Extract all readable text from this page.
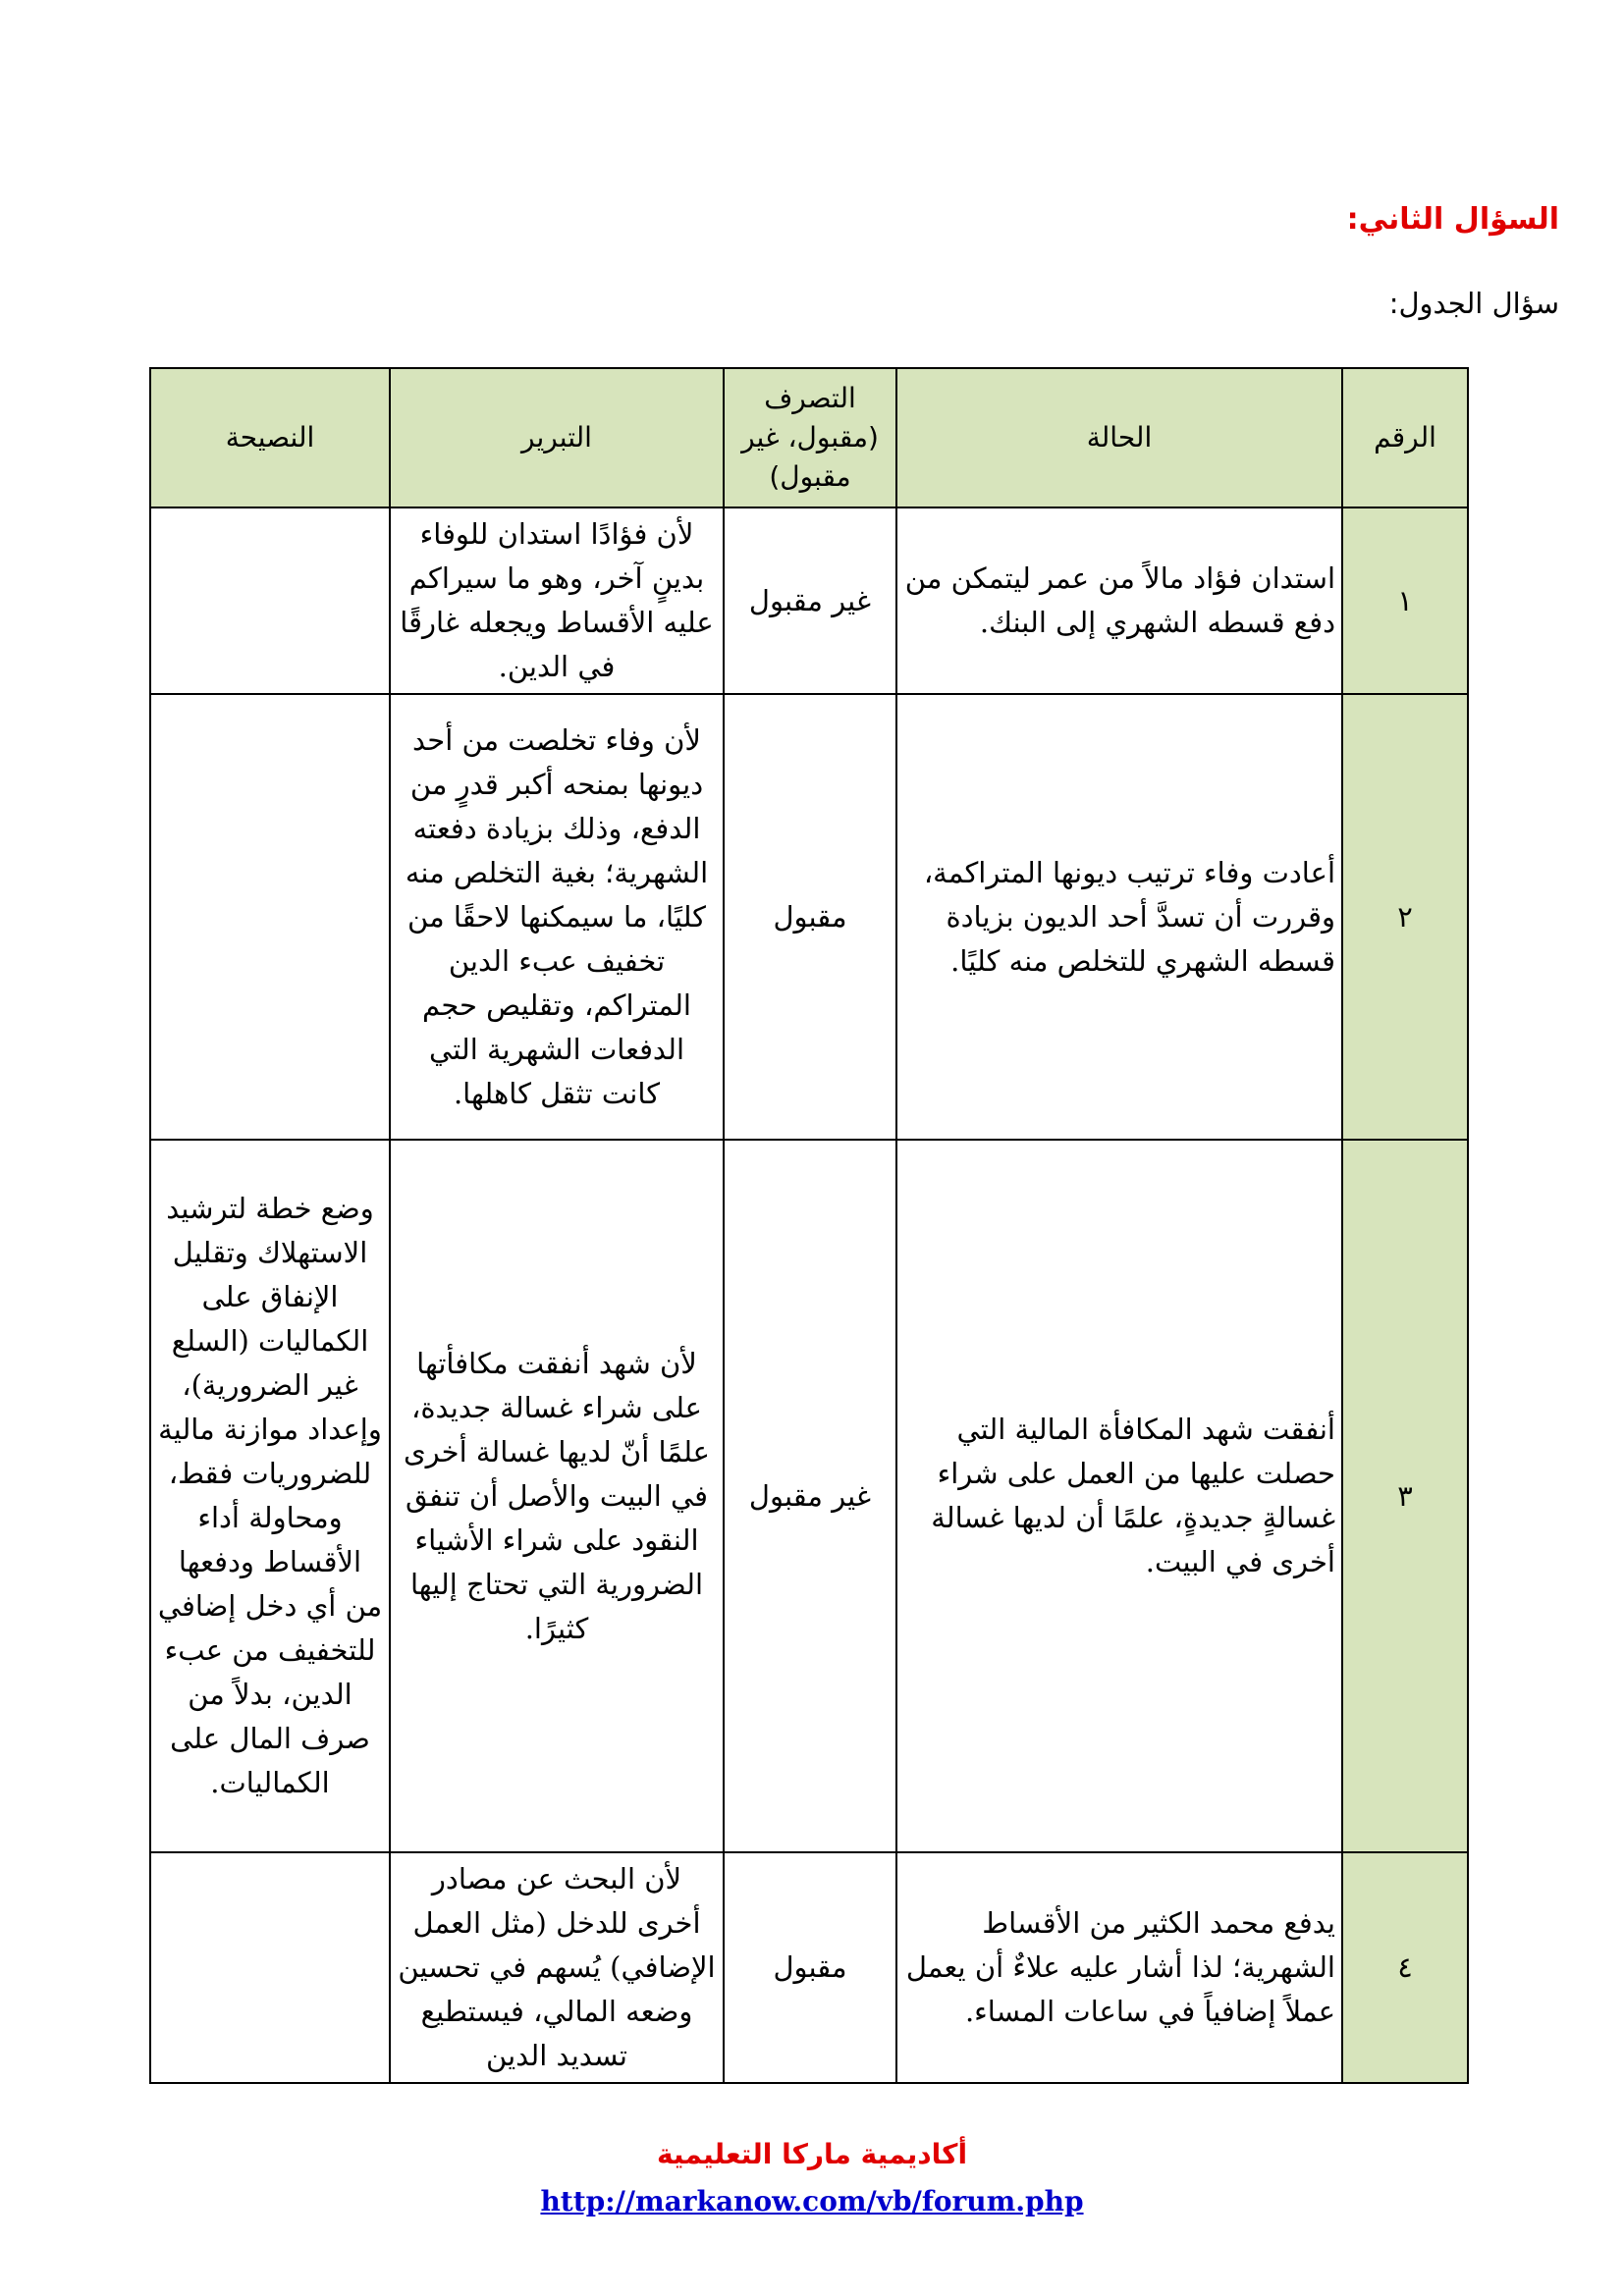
السؤال الثاني:
سؤال الجدول:
الرقم	الحالة	التصرف (مقبول، غير مقبول)	التبرير	النصيحة
١	استدان فؤاد مالاً من عمر ليتمكن من دفع قسطه الشهري إلى البنك.	غير مقبول	لأن فؤادًا استدان للوفاء بدينٍ آخر، وهو ما سيراكم عليه الأقساط ويجعله غارقًا في الدين.	
٢	أعادت وفاء ترتيب ديونها المتراكمة، وقررت أن تسدَّ أحد الديون بزيادة قسطه الشهري للتخلص منه كليًا.	مقبول	لأن وفاء تخلصت من أحد ديونها بمنحه أكبر قدرٍ من الدفع، وذلك بزيادة دفعته الشهرية؛ بغية التخلص منه كليًا، ما سيمكنها لاحقًا من تخفيف عبء الدين المتراكم، وتقليص حجم الدفعات الشهرية التي كانت تثقل كاهلها.	
٣	أنفقت شهد المكافأة المالية التي حصلت عليها من العمل على شراء غسالةٍ جديدةٍ، علمًا أن لديها غسالة أخرى في البيت.	غير مقبول	لأن شهد أنفقت مكافأتها على شراء غسالة جديدة، علمًا أنّ لديها غسالة أخرى في البيت والأصل أن تنفق النقود على شراء الأشياء الضرورية التي تحتاج إليها كثيرًا.	وضع خطة لترشيد الاستهلاك وتقليل الإنفاق على الكماليات (السلع غير الضرورية)، وإعداد موازنة مالية للضروريات فقط، ومحاولة أداء الأقساط ودفعها من أي دخل إضافي للتخفيف من عبء الدين، بدلاً من صرف المال على الكماليات.
٤	يدفع محمد الكثير من الأقساط الشهرية؛ لذا أشار عليه علاءٌ أن يعمل عملاً إضافياً في ساعات المساء.	مقبول	لأن البحث عن مصادر أخرى للدخل (مثل العمل الإضافي) يُسهم في تحسين وضعه المالي، فيستطيع تسديد الدين	
أكاديمية ماركا التعليمية
http://markanow.com/vb/forum.php
